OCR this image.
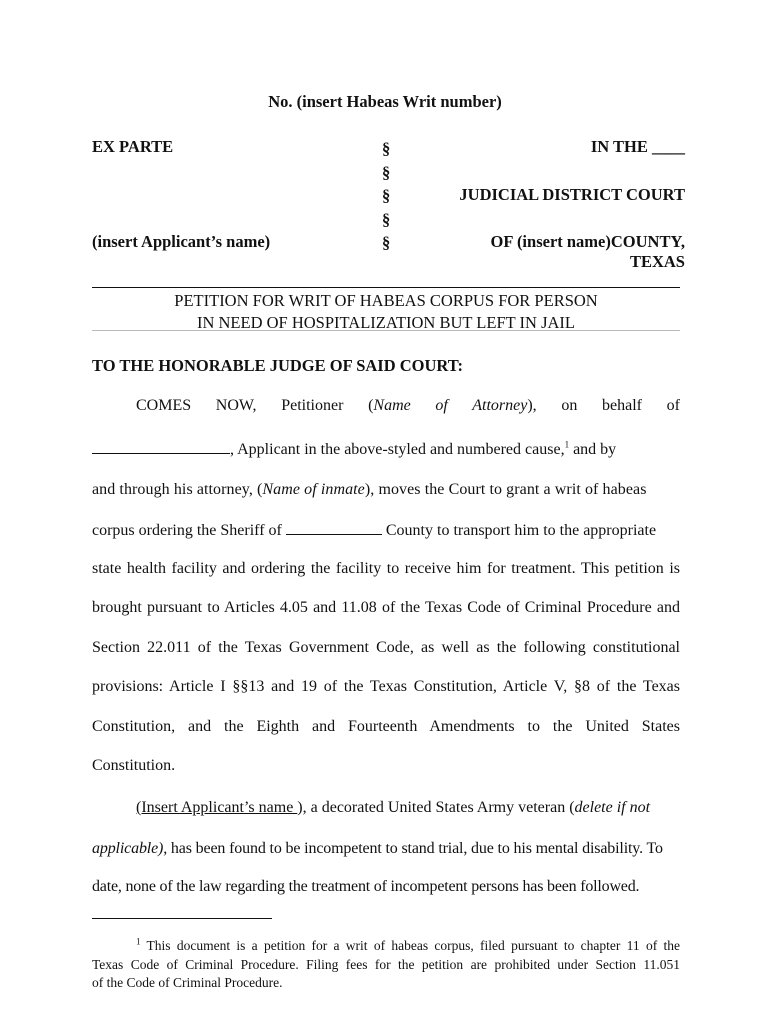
No. (insert Habeas Writ number)
EX PARTE
(insert Applicant’s name)
§
§
§
§
§
IN THE ____
JUDICIAL DISTRICT COURT
OF (insert name)COUNTY,
TEXAS
PETITION FOR WRIT OF HABEAS CORPUS FOR PERSON
IN NEED OF HOSPITALIZATION BUT LEFT IN JAIL
TO THE HONORABLE JUDGE OF SAID COURT:
COMES NOW, Petitioner (Name of Attorney), on behalf of
, Applicant in the above-styled and numbered cause,$^1$ and by
and through his attorney, (Name of inmate), moves the Court to grant a writ of habeas
corpus ordering the Sheriff of	County to transport him to the appropriate
state health facility and ordering the facility to receive him for treatment. This petition is
brought pursuant to Articles 4.05 and 11.08 of the Texas Code of Criminal Procedure and
Section 22.011 of the Texas Government Code, as well as the following constitutional
provisions: Article I §§13 and 19 of the Texas Constitution, Article V, §8 of the Texas
Constitution, and the Eighth and Fourteenth Amendments to the United States
Constitution.
(Insert Applicant’s name ), a decorated United States Army veteran (delete if not
applicable), has been found to be incompetent to stand trial, due to his mental disability. To
date, none of the law regarding the treatment of incompetent persons has been followed.
$^1$ This document is a petition for a writ of habeas corpus, filed pursuant to chapter 11 of the
Texas Code of Criminal Procedure. Filing fees for the petition are prohibited under Section 11.051
of the Code of Criminal Procedure.
